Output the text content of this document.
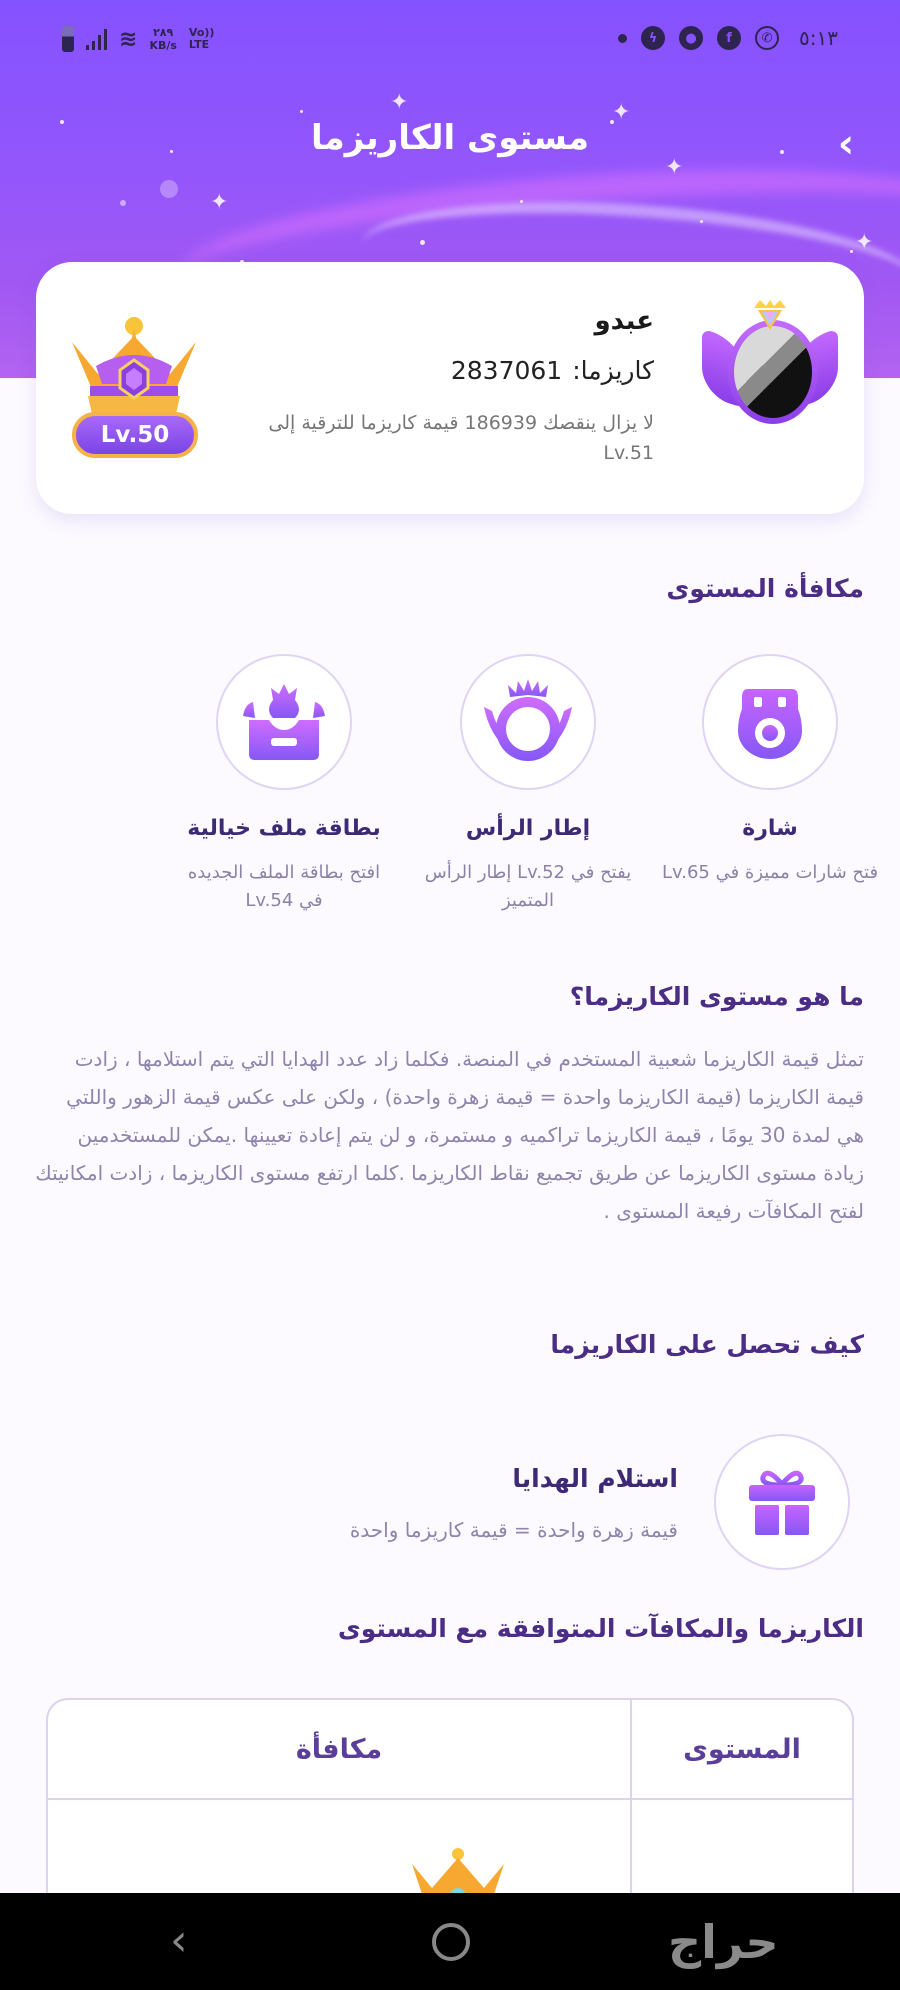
✦	✦
✦
✦
✦
≋	٢٨٩
KB/s
Vo))
LTE	ϟ	●	f	✆	٥:١٣
›
مستوى الكاريزما
عبدو
كاريزما:
2837061
لا يزال ينقصك 186939 قيمة كاريزما للترقية إلى Lv.51
Lv.50
مكافأة المستوى
شارة
فتح شارات مميزة في Lv.65
إطار الرأس
يفتح في Lv.52 إطار الرأس المتميز
بطاقة ملف خيالية
افتح بطاقة الملف الجديده في Lv.54
ما هو مستوى الكاريزما؟
تمثل قيمة الكاريزما شعبية المستخدم في المنصة. فكلما زاد عدد الهدايا التي يتم استلامها ، زادت قيمة الكاريزما (قيمة الكاريزما واحدة = قيمة زهرة واحدة) ، ولكن على عكس قيمة الزهور واللتي هي لمدة 30 يومًا ، قيمة الكاريزما تراكميه و مستمرة، و لن يتم إعادة تعيينها .يمكن للمستخدمين زيادة مستوى الكاريزما عن طريق تجميع نقاط الكاريزما .كلما ارتفع مستوى الكاريزما ، زادت امكانيتك لفتح المكافآت رفيعة المستوى .
كيف تحصل على الكاريزما
استلام الهدايا
قيمة زهرة واحدة = قيمة كاريزما واحدة
الكاريزما والمكافآت المتوافقة مع المستوى
المستوى
مكافأة
‹	حراج
